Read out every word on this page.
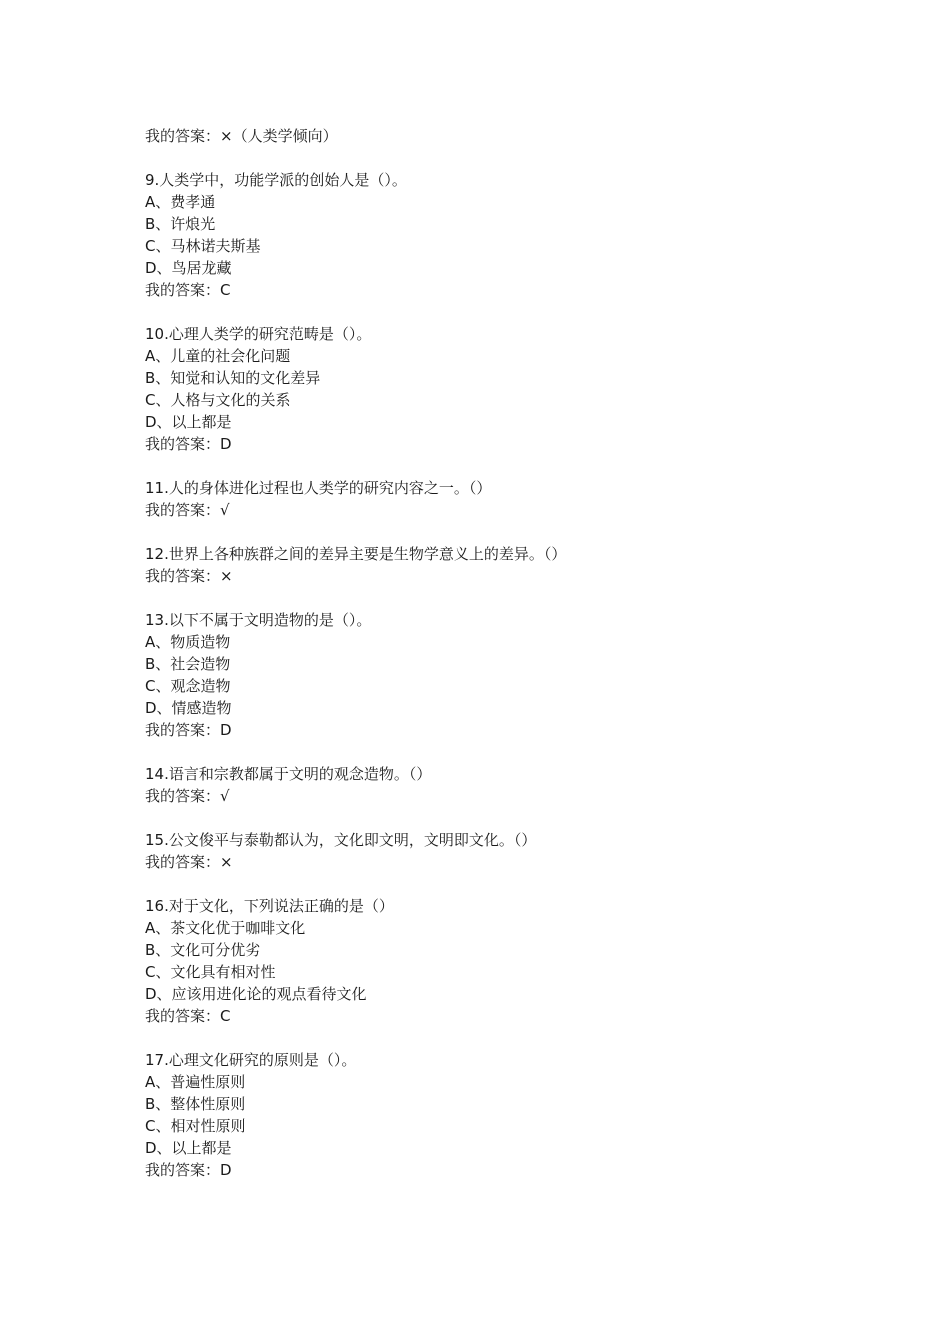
我的答案：×（人类学倾向）
9.人类学中，功能学派的创始人是（）。
A、费孝通
B、许烺光
C、马林诺夫斯基
D、鸟居龙藏
我的答案：C
10.心理人类学的研究范畴是（）。
A、儿童的社会化问题
B、知觉和认知的文化差异
C、人格与文化的关系
D、以上都是
我的答案：D
11.人的身体进化过程也人类学的研究内容之一。（）
我的答案：√
12.世界上各种族群之间的差异主要是生物学意义上的差异。（）
我的答案：×
13.以下不属于文明造物的是（）。
A、物质造物
B、社会造物
C、观念造物
D、情感造物
我的答案：D
14.语言和宗教都属于文明的观念造物。（）
我的答案：√
15.公文俊平与泰勒都认为，文化即文明，文明即文化。（）
我的答案：×
16.对于文化，下列说法正确的是（）
A、茶文化优于咖啡文化
B、文化可分优劣
C、文化具有相对性
D、应该用进化论的观点看待文化
我的答案：C
17.心理文化研究的原则是（）。
A、普遍性原则
B、整体性原则
C、相对性原则
D、以上都是
我的答案：D
